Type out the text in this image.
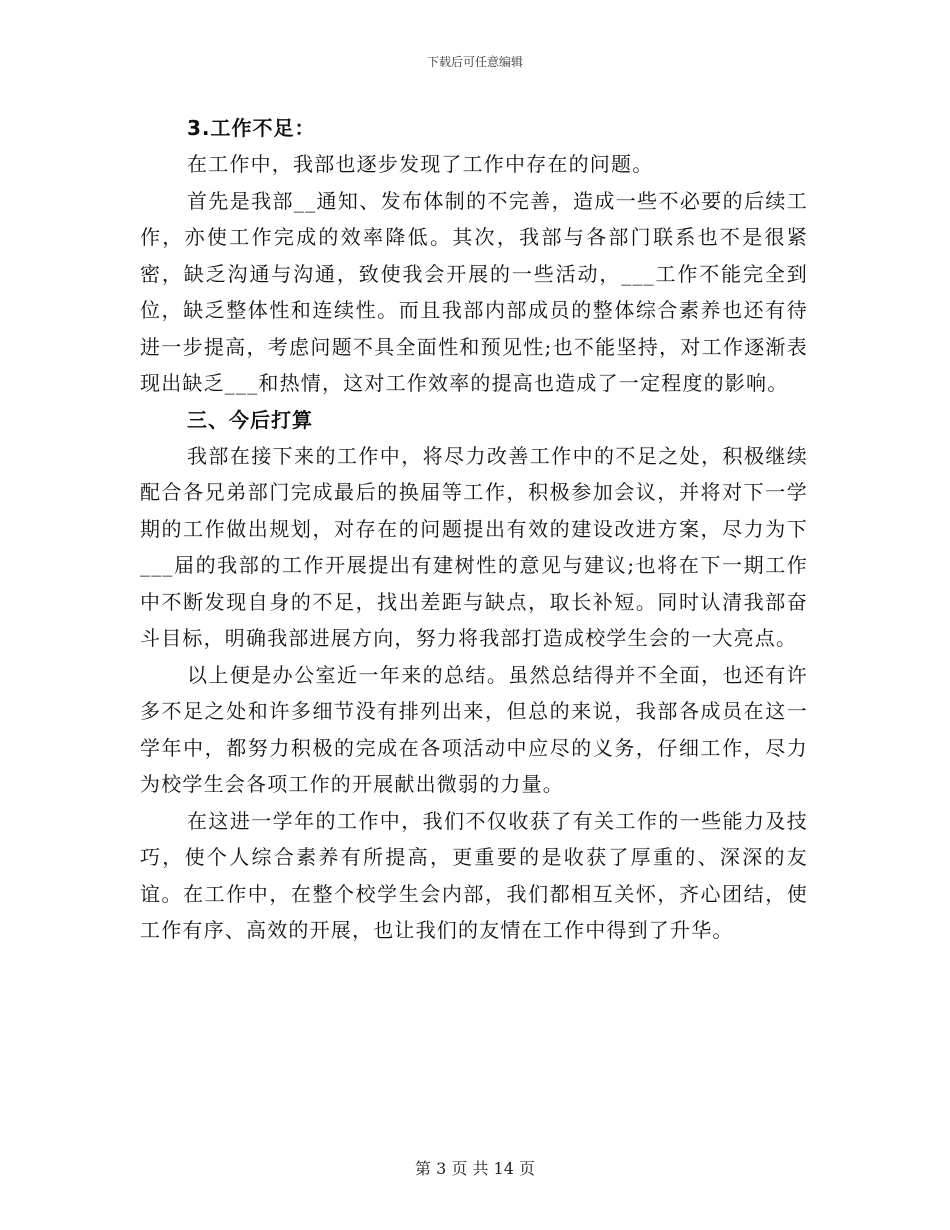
下载后可任意编辑
3.工作不足：

在工作中，我部也逐步发现了工作中存在的问题。

首先是我部__通知、发布体制的不完善，造成一些不必要的后续工作，亦使工作完成的效率降低。其次，我部与各部门联系也不是很紧密，缺乏沟通与沟通，致使我会开展的一些活动，___工作不能完全到位，缺乏整体性和连续性。而且我部内部成员的整体综合素养也还有待进一步提高，考虑问题不具全面性和预见性;也不能坚持，对工作逐渐表现出缺乏___和热情，这对工作效率的提高也造成了一定程度的影响。

三、今后打算

我部在接下来的工作中，将尽力改善工作中的不足之处，积极继续配合各兄弟部门完成最后的换届等工作，积极参加会议，并将对下一学期的工作做出规划，对存在的问题提出有效的建设改进方案，尽力为下___届的我部的工作开展提出有建树性的意见与建议;也将在下一期工作中不断发现自身的不足，找出差距与缺点，取长补短。同时认清我部奋斗目标，明确我部进展方向，努力将我部打造成校学生会的一大亮点。

以上便是办公室近一年来的总结。虽然总结得并不全面，也还有许多不足之处和许多细节没有排列出来，但总的来说，我部各成员在这一学年中，都努力积极的完成在各项活动中应尽的义务，仔细工作，尽力为校学生会各项工作的开展献出微弱的力量。

在这进一学年的工作中，我们不仅收获了有关工作的一些能力及技巧，使个人综合素养有所提高，更重要的是收获了厚重的、深深的友谊。在工作中，在整个校学生会内部，我们都相互关怀，齐心团结，使工作有序、高效的开展，也让我们的友情在工作中得到了升华。

第 3 页 共 14 页
